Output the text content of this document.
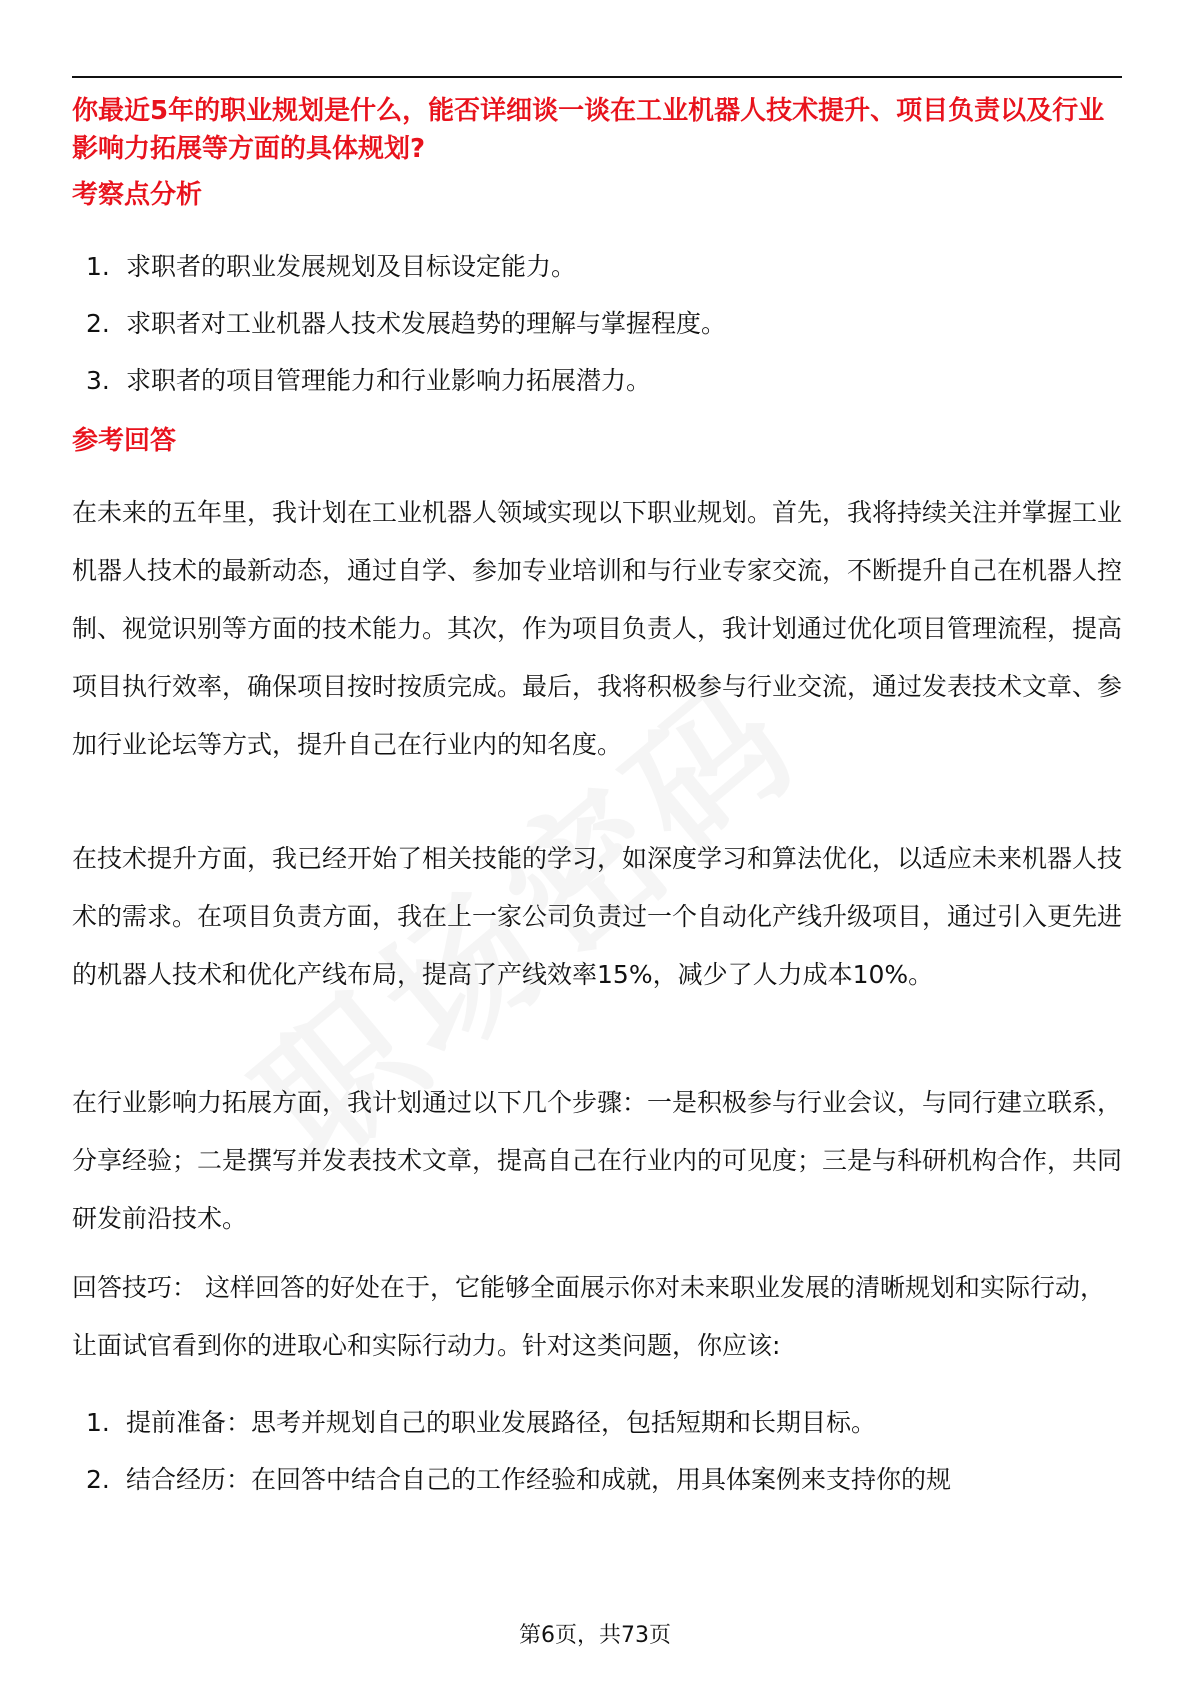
你最近5年的职业规划是什么，能否详细谈一谈在工业机器人技术提升、项目负责以及行业影响力拓展等方面的具体规划?
考察点分析
1. 求职者的职业发展规划及目标设定能力。
2. 求职者对工业机器人技术发展趋势的理解与掌握程度。
3. 求职者的项目管理能力和行业影响力拓展潜力。
参考回答

在未来的五年里，我计划在工业机器人领域实现以下职业规划。首先，我将持续关注并掌握工业机器人技术的最新动态，通过自学、参加专业培训和与行业专家交流，不断提升自己在机器人控制、视觉识别等方面的技术能力。其次，作为项目负责人，我计划通过优化项目管理流程，提高项目执行效率，确保项目按时按质完成。最后，我将积极参与行业交流，通过发表技术文章、参加行业论坛等方式，提升自己在行业内的知名度。

在技术提升方面，我已经开始了相关技能的学习，如深度学习和算法优化，以适应未来机器人技术的需求。在项目负责方面，我在上一家公司负责过一个自动化产线升级项目，通过引入更先进的机器人技术和优化产线布局，提高了产线效率15%，减少了人力成本10%。

在行业影响力拓展方面，我计划通过以下几个步骤：一是积极参与行业会议，与同行建立联系，分享经验；二是撰写并发表技术文章，提高自己在行业内的可见度；三是与科研机构合作，共同研发前沿技术。

回答技巧： 这样回答的好处在于，它能够全面展示你对未来职业发展的清晰规划和实际行动，让面试官看到你的进取心和实际行动力。针对这类问题，你应该:

1. 提前准备：思考并规划自己的职业发展路径，包括短期和长期目标。
2. 结合经历：在回答中结合自己的工作经验和成就，用具体案例来支持你的规
第6页，共73页
